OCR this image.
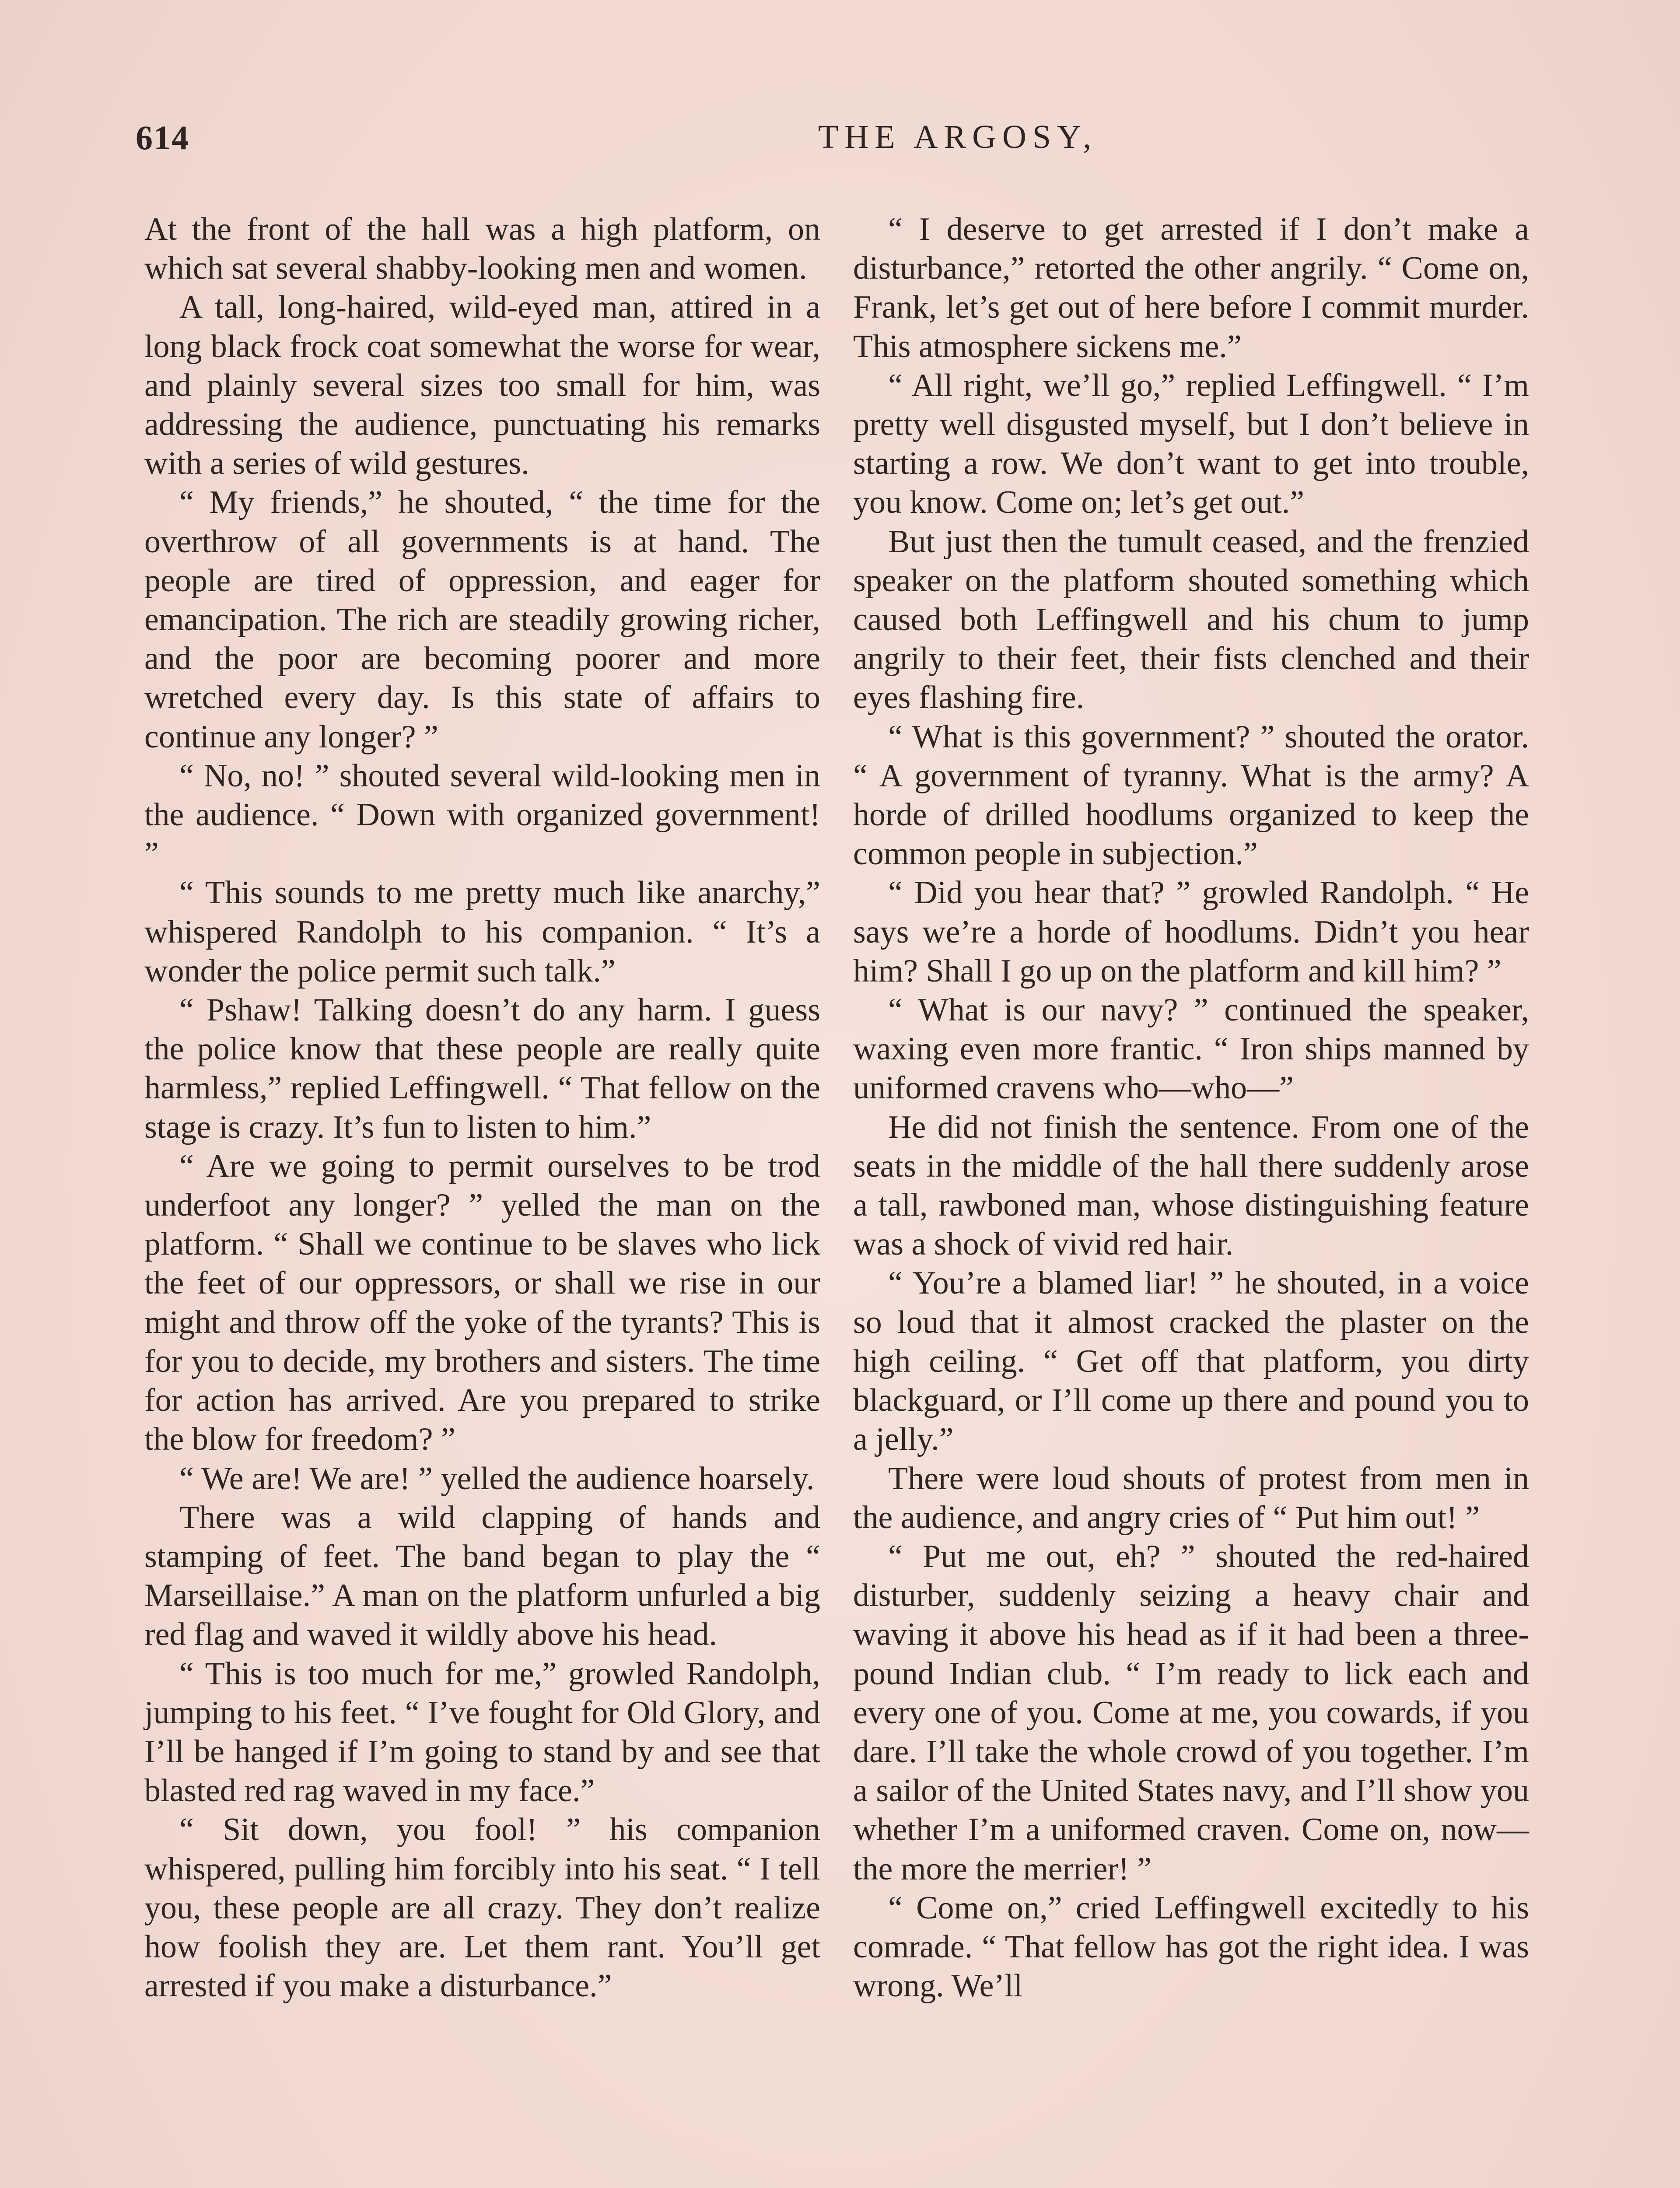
614	THE ARGOSY,

At the front of the hall was a high platform, on which sat several shabby-looking men and women.

A tall, long-haired, wild-eyed man, attired in a long black frock coat somewhat the worse for wear, and plainly several sizes too small for him, was addressing the audience, punctuating his remarks with a series of wild gestures.

“ My friends,” he shouted, “ the time for the overthrow of all governments is at hand. The people are tired of oppression, and eager for emancipation. The rich are steadily growing richer, and the poor are becoming poorer and more wretched every day. Is this state of affairs to continue any longer? ”

“ No, no! ” shouted several wild-looking men in the audience. “ Down with organized government! ”

“ This sounds to me pretty much like anarchy,” whispered Randolph to his companion. “ It’s a wonder the police permit such talk.”

“ Pshaw! Talking doesn’t do any harm. I guess the police know that these people are really quite harmless,” replied Leffingwell. “ That fellow on the stage is crazy. It’s fun to listen to him.”

“ Are we going to permit ourselves to be trod underfoot any longer? ” yelled the man on the platform. “ Shall we continue to be slaves who lick the feet of our oppressors, or shall we rise in our might and throw off the yoke of the tyrants? This is for you to decide, my brothers and sisters. The time for action has arrived. Are you prepared to strike the blow for freedom? ”

“ We are! We are! ” yelled the audience hoarsely.

There was a wild clapping of hands and stamping of feet. The band began to play the “ Marseillaise.” A man on the platform unfurled a big red flag and waved it wildly above his head.

“ This is too much for me,” growled Randolph, jumping to his feet. “ I’ve fought for Old Glory, and I’ll be hanged if I’m going to stand by and see that blasted red rag waved in my face.”

“ Sit down, you fool! ” his companion whispered, pulling him forcibly into his seat. “ I tell you, these people are all crazy. They don’t realize how foolish they are. Let them rant. You’ll get arrested if you make a disturbance.”

“ I deserve to get arrested if I don’t make a disturbance,” retorted the other angrily. “ Come on, Frank, let’s get out of here before I commit murder. This atmosphere sickens me.”

“ All right, we’ll go,” replied Leffingwell. “ I’m pretty well disgusted myself, but I don’t believe in starting a row. We don’t want to get into trouble, you know. Come on; let’s get out.”

But just then the tumult ceased, and the frenzied speaker on the platform shouted something which caused both Leffingwell and his chum to jump angrily to their feet, their fists clenched and their eyes flashing fire.

“ What is this government? ” shouted the orator. “ A government of tyranny. What is the army? A horde of drilled hoodlums organized to keep the common people in subjection.”

“ Did you hear that? ” growled Randolph. “ He says we’re a horde of hoodlums. Didn’t you hear him? Shall I go up on the platform and kill him? ”

“ What is our navy? ” continued the speaker, waxing even more frantic. “ Iron ships manned by uniformed cravens who—who—”

He did not finish the sentence. From one of the seats in the middle of the hall there suddenly arose a tall, rawboned man, whose distinguishing feature was a shock of vivid red hair.

“ You’re a blamed liar! ” he shouted, in a voice so loud that it almost cracked the plaster on the high ceiling. “ Get off that platform, you dirty blackguard, or I’ll come up there and pound you to a jelly.”

There were loud shouts of protest from men in the audience, and angry cries of “ Put him out! ”

“ Put me out, eh? ” shouted the red-haired disturber, suddenly seizing a heavy chair and waving it above his head as if it had been a three-pound Indian club. “ I’m ready to lick each and every one of you. Come at me, you cowards, if you dare. I’ll take the whole crowd of you together. I’m a sailor of the United States navy, and I’ll show you whether I’m a uniformed craven. Come on, now—the more the merrier! ”

“ Come on,” cried Leffingwell excitedly to his comrade. “ That fellow has got the right idea. I was wrong. We’ll
